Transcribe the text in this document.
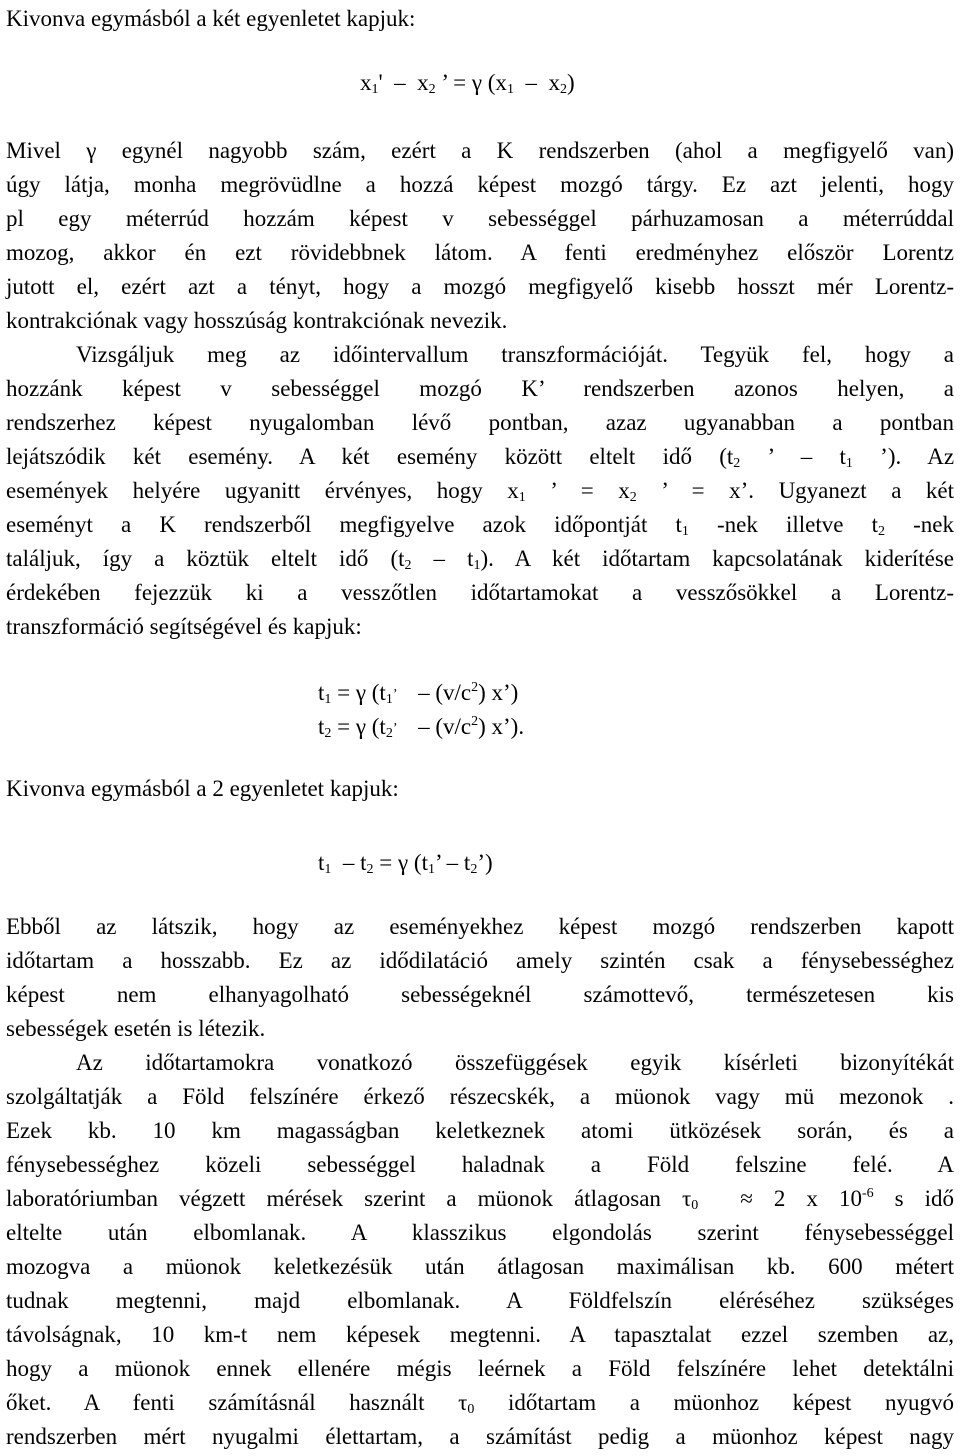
Kivonva egymásból a két egyenletet kapjuk:
$x_1' - x_2$ ’ = γ $(x_1 - x_2)$
Mivel γ egynél nagyobb szám, ezért a K rendszerben (ahol a megfigyelő van)
úgy látja, monha megrövüdlne a hozzá képest mozgó tárgy. Ez azt jelenti, hogy
pl egy méterrúd hozzám képest v sebességgel párhuzamosan a méterrúddal
mozog, akkor én ezt rövidebbnek látom. A fenti eredményhez először Lorentz
jutott el, ezért azt a tényt, hogy a mozgó megfigyelő kisebb hosszt mér Lorentz-
kontrakciónak vagy hosszúság kontrakciónak nevezik.
Vizsgáljuk meg az időintervallum transzformációját. Tegyük fel, hogy a
hozzánk képest v sebességgel mozgó K’ rendszerben azonos helyen, a
rendszerhez képest nyugalomban lévő pontban, azaz ugyanabban a pontban
lejátszódik két esemény. A két esemény között eltelt idő ($t_2$ ’ – $t_1$ ’). Az
események helyére ugyanitt érvényes, hogy $x_1$ ’ = $x_2$ ’ = x’. Ugyanezt a két
eseményt a K rendszerből megfigyelve azok időpontját $t_1$ -nek illetve $t_2$ -nek
találjuk, így a köztük eltelt idő $(t_2 - t_1)$. A két időtartam kapcsolatának kiderítése
érdekében fejezzük ki a vesszőtlen időtartamokat a vesszősökkel a Lorentz-
transzformáció segítségével és kapjuk:
$t_1 = \gamma$ ($t_1$ ’ – $(v/c^2)$ x’)
$t_2 = \gamma$ ($t_2$ ’ – $(v/c^2)$ x’).
Kivonva egymásból a 2 egyenletet kapjuk:
$t_1 - t_2 = \gamma$ ($t_1$’ – $t_2$’)
Ebből az látszik, hogy az eseményekhez képest mozgó rendszerben kapott
időtartam a hosszabb. Ez az idődilatáció amely szintén csak a fénysebességhez
képest nem elhanyagolható sebességeknél számottevő, természetesen kis
sebességek esetén is létezik.
Az időtartamokra vonatkozó összefüggések egyik kísérleti bizonyítékát
szolgáltatják a Föld felszínére érkező részecskék, a müonok vagy mü mezonok .
Ezek kb. 10 km magasságban keletkeznek atomi ütközések során, és a
fénysebességhez közeli sebességgel haladnak a Föld felszine felé. A
laboratóriumban végzett mérések szerint a müonok átlagosan $\tau_0 \approx 2$ x $10^{-6}$ s idő
eltelte után elbomlanak. A klasszikus elgondolás szerint fénysebességgel
mozogva a müonok keletkezésük után átlagosan maximálisan kb. 600 métert
tudnak megtenni, majd elbomlanak. A Földfelszín eléréséhez szükséges
távolságnak, 10 km-t nem képesek megtenni. A tapasztalat ezzel szemben az,
hogy a müonok ennek ellenére mégis leérnek a Föld felszínére lehet detektálni
őket. A fenti számításnál használt $\tau_0$ időtartam a müonhoz képest nyugvó
rendszerben mért nyugalmi élettartam, a számítást pedig a müonhoz képest nagy
